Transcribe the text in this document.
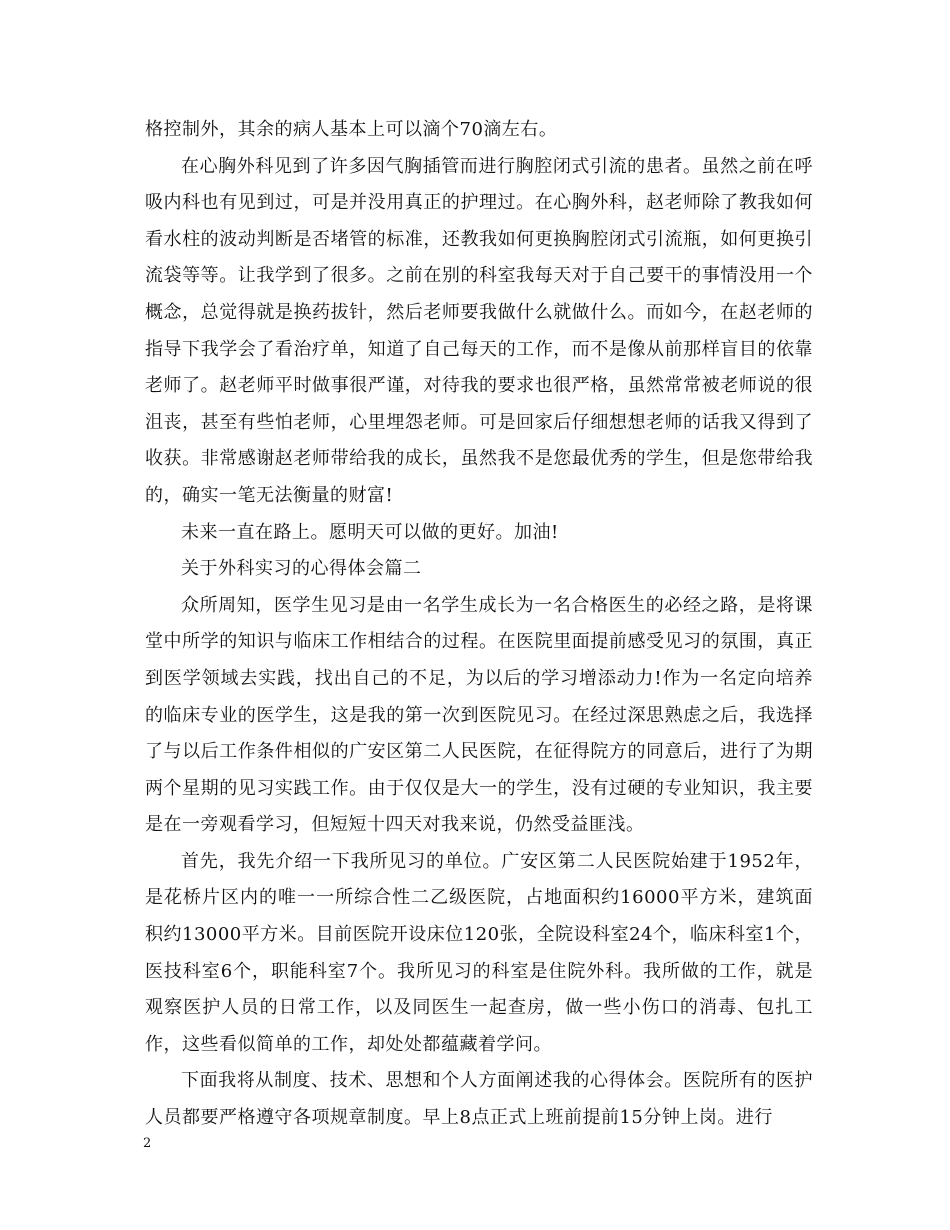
格控制外，其余的病人基本上可以滴个70滴左右。

在心胸外科见到了许多因气胸插管而进行胸腔闭式引流的患者。虽然之前在呼吸内科也有见到过，可是并没用真正的护理过。在心胸外科，赵老师除了教我如何看水柱的波动判断是否堵管的标准，还教我如何更换胸腔闭式引流瓶，如何更换引流袋等等。让我学到了很多。之前在别的科室我每天对于自己要干的事情没用一个概念，总觉得就是换药拔针，然后老师要我做什么就做什么。而如今，在赵老师的指导下我学会了看治疗单，知道了自己每天的工作，而不是像从前那样盲目的依靠老师了。赵老师平时做事很严谨，对待我的要求也很严格，虽然常常被老师说的很沮丧，甚至有些怕老师，心里埋怨老师。可是回家后仔细想想老师的话我又得到了收获。非常感谢赵老师带给我的成长，虽然我不是您最优秀的学生，但是您带给我的，确实一笔无法衡量的财富!

未来一直在路上。愿明天可以做的更好。加油!

关于外科实习的心得体会篇二

众所周知，医学生见习是由一名学生成长为一名合格医生的必经之路，是将课堂中所学的知识与临床工作相结合的过程。在医院里面提前感受见习的氛围，真正到医学领域去实践，找出自己的不足，为以后的学习增添动力!作为一名定向培养的临床专业的医学生，这是我的第一次到医院见习。在经过深思熟虑之后，我选择了与以后工作条件相似的广安区第二人民医院，在征得院方的同意后，进行了为期两个星期的见习实践工作。由于仅仅是大一的学生，没有过硬的专业知识，我主要是在一旁观看学习，但短短十四天对我来说，仍然受益匪浅。

首先，我先介绍一下我所见习的单位。广安区第二人民医院始建于1952年，是花桥片区内的唯一一所综合性二乙级医院，占地面积约16000平方米，建筑面积约13000平方米。目前医院开设床位120张，全院设科室24个，临床科室1个，医技科室6个，职能科室7个。我所见习的科室是住院外科。我所做的工作，就是观察医护人员的日常工作，以及同医生一起查房，做一些小伤口的消毒、包扎工作，这些看似简单的工作，却处处都蕴藏着学问。

下面我将从制度、技术、思想和个人方面阐述我的心得体会。医院所有的医护人员都要严格遵守各项规章制度。早上8点正式上班前提前15分钟上岗。进行

2
